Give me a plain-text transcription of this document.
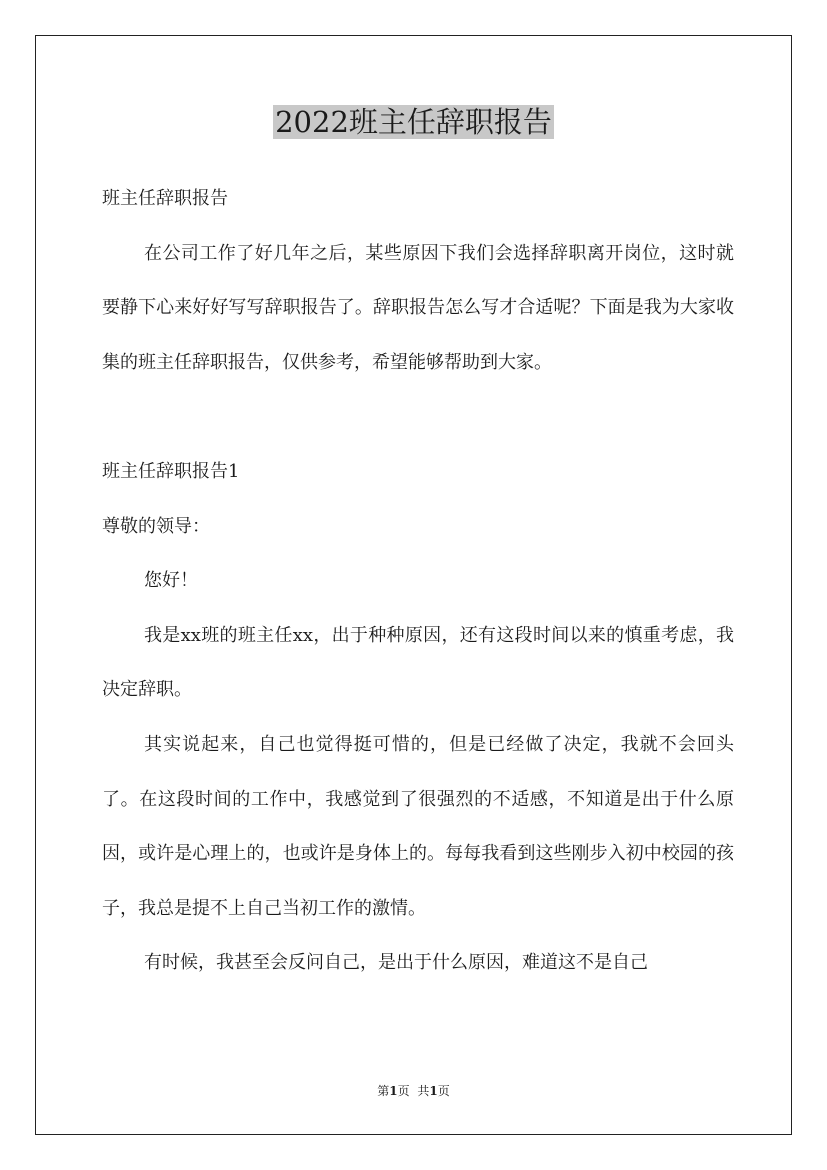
2022班主任辞职报告

班主任辞职报告

在公司工作了好几年之后，某些原因下我们会选择辞职离开岗位，这时就要静下心来好好写写辞职报告了。辞职报告怎么写才合适呢？下面是我为大家收集的班主任辞职报告，仅供参考，希望能够帮助到大家。

班主任辞职报告1

尊敬的领导：

您好！

我是xx班的班主任xx，出于种种原因，还有这段时间以来的慎重考虑，我决定辞职。

其实说起来，自己也觉得挺可惜的，但是已经做了决定，我就不会回头了。在这段时间的工作中，我感觉到了很强烈的不适感，不知道是出于什么原因，或许是心理上的，也或许是身体上的。每每我看到这些刚步入初中校园的孩子，我总是提不上自己当初工作的激情。

有时候，我甚至会反问自己，是出于什么原因，难道这不是自己

第1页 共1页
